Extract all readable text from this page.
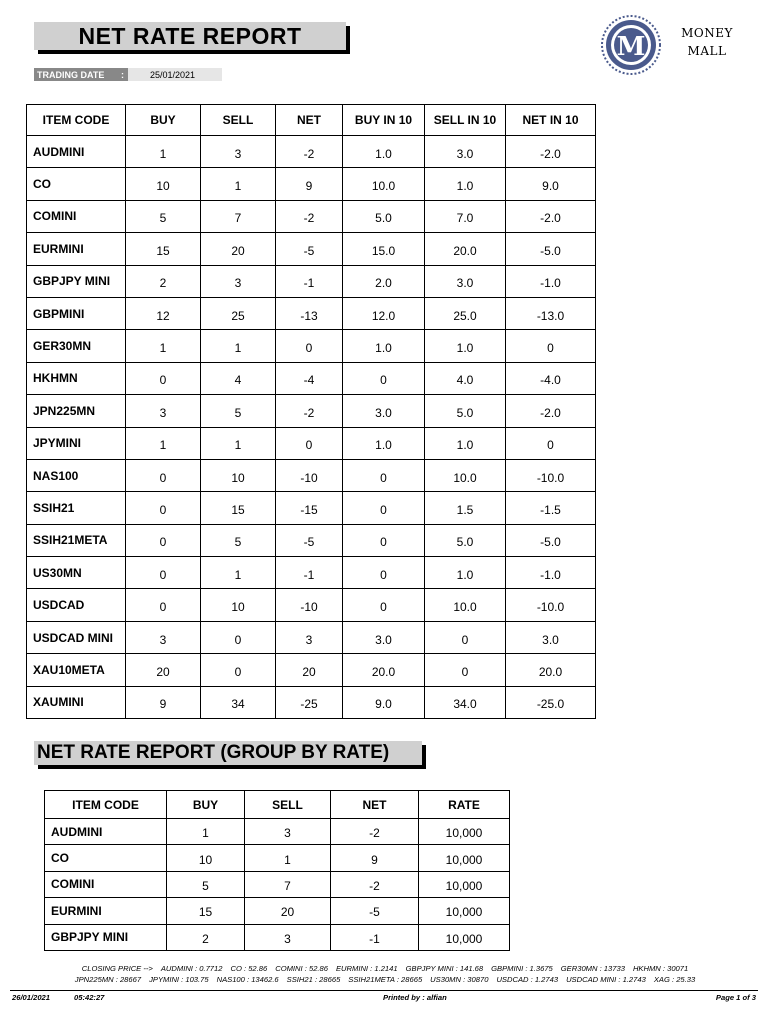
NET RATE REPORT
TRADING DATE :	25/01/2021
M	MONEY
MALL
ITEM CODE	BUY	SELL	NET	BUY IN 10	SELL IN 10	NET IN 10
AUDMINI	1	3	-2	1.0	3.0	-2.0
CO	10	1	9	10.0	1.0	9.0
COMINI	5	7	-2	5.0	7.0	-2.0
EURMINI	15	20	-5	15.0	20.0	-5.0
GBPJPY MINI	2	3	-1	2.0	3.0	-1.0
GBPMINI	12	25	-13	12.0	25.0	-13.0
GER30MN	1	1	0	1.0	1.0	0
HKHMN	0	4	-4	0	4.0	-4.0
JPN225MN	3	5	-2	3.0	5.0	-2.0
JPYMINI	1	1	0	1.0	1.0	0
NAS100	0	10	-10	0	10.0	-10.0
SSIH21	0	15	-15	0	1.5	-1.5
SSIH21META	0	5	-5	0	5.0	-5.0
US30MN	0	1	-1	0	1.0	-1.0
USDCAD	0	10	-10	0	10.0	-10.0
USDCAD MINI	3	0	3	3.0	0	3.0
XAU10META	20	0	20	20.0	0	20.0
XAUMINI	9	34	-25	9.0	34.0	-25.0
NET RATE REPORT (GROUP BY RATE)
ITEM CODE	BUY	SELL	NET	RATE
AUDMINI	1	3	-2	10,000
CO	10	1	9	10,000
COMINI	5	7	-2	10,000
EURMINI	15	20	-5	10,000
GBPJPY MINI	2	3	-1	10,000
CLOSING PRICE --> AUDMINI : 0.7712 CO : 52.86 COMINI : 52.86 EURMINI : 1.2141 GBPJPY MINI : 141.68 GBPMINI : 1.3675 GER30MN : 13733 HKHMN : 30071
JPN225MN : 28667 JPYMINI : 103.75 NAS100 : 13462.6 SSIH21 : 28665 SSIH21META : 28665 US30MN : 30870 USDCAD : 1.2743 USDCAD MINI : 1.2743 XAG : 25.33
26/01/2021	05:42:27	Printed by : alfian	Page 1 of 3
